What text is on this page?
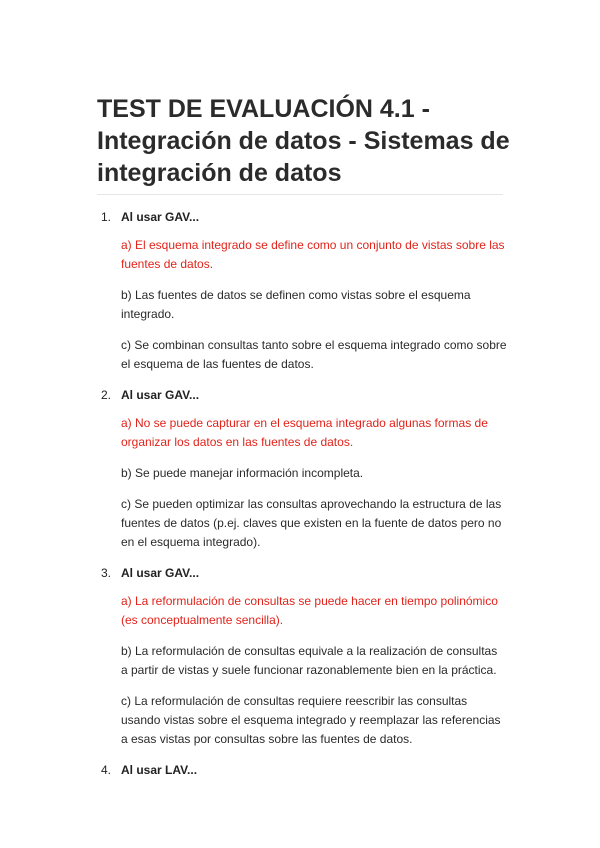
TEST DE EVALUACIÓN 4.1 - Integración de datos - Sistemas de integración de datos
1. Al usar GAV...
a) El esquema integrado se define como un conjunto de vistas sobre las fuentes de datos.
b) Las fuentes de datos se definen como vistas sobre el esquema integrado.
c) Se combinan consultas tanto sobre el esquema integrado como sobre el esquema de las fuentes de datos.
2. Al usar GAV...
a) No se puede capturar en el esquema integrado algunas formas de organizar los datos en las fuentes de datos.
b) Se puede manejar información incompleta.
c) Se pueden optimizar las consultas aprovechando la estructura de las fuentes de datos (p.ej. claves que existen en la fuente de datos pero no en el esquema integrado).
3. Al usar GAV...
a) La reformulación de consultas se puede hacer en tiempo polinómico (es conceptualmente sencilla).
b) La reformulación de consultas equivale a la realización de consultas a partir de vistas y suele funcionar razonablemente bien en la práctica.
c) La reformulación de consultas requiere reescribir las consultas usando vistas sobre el esquema integrado y reemplazar las referencias a esas vistas por consultas sobre las fuentes de datos.
4. Al usar LAV...
